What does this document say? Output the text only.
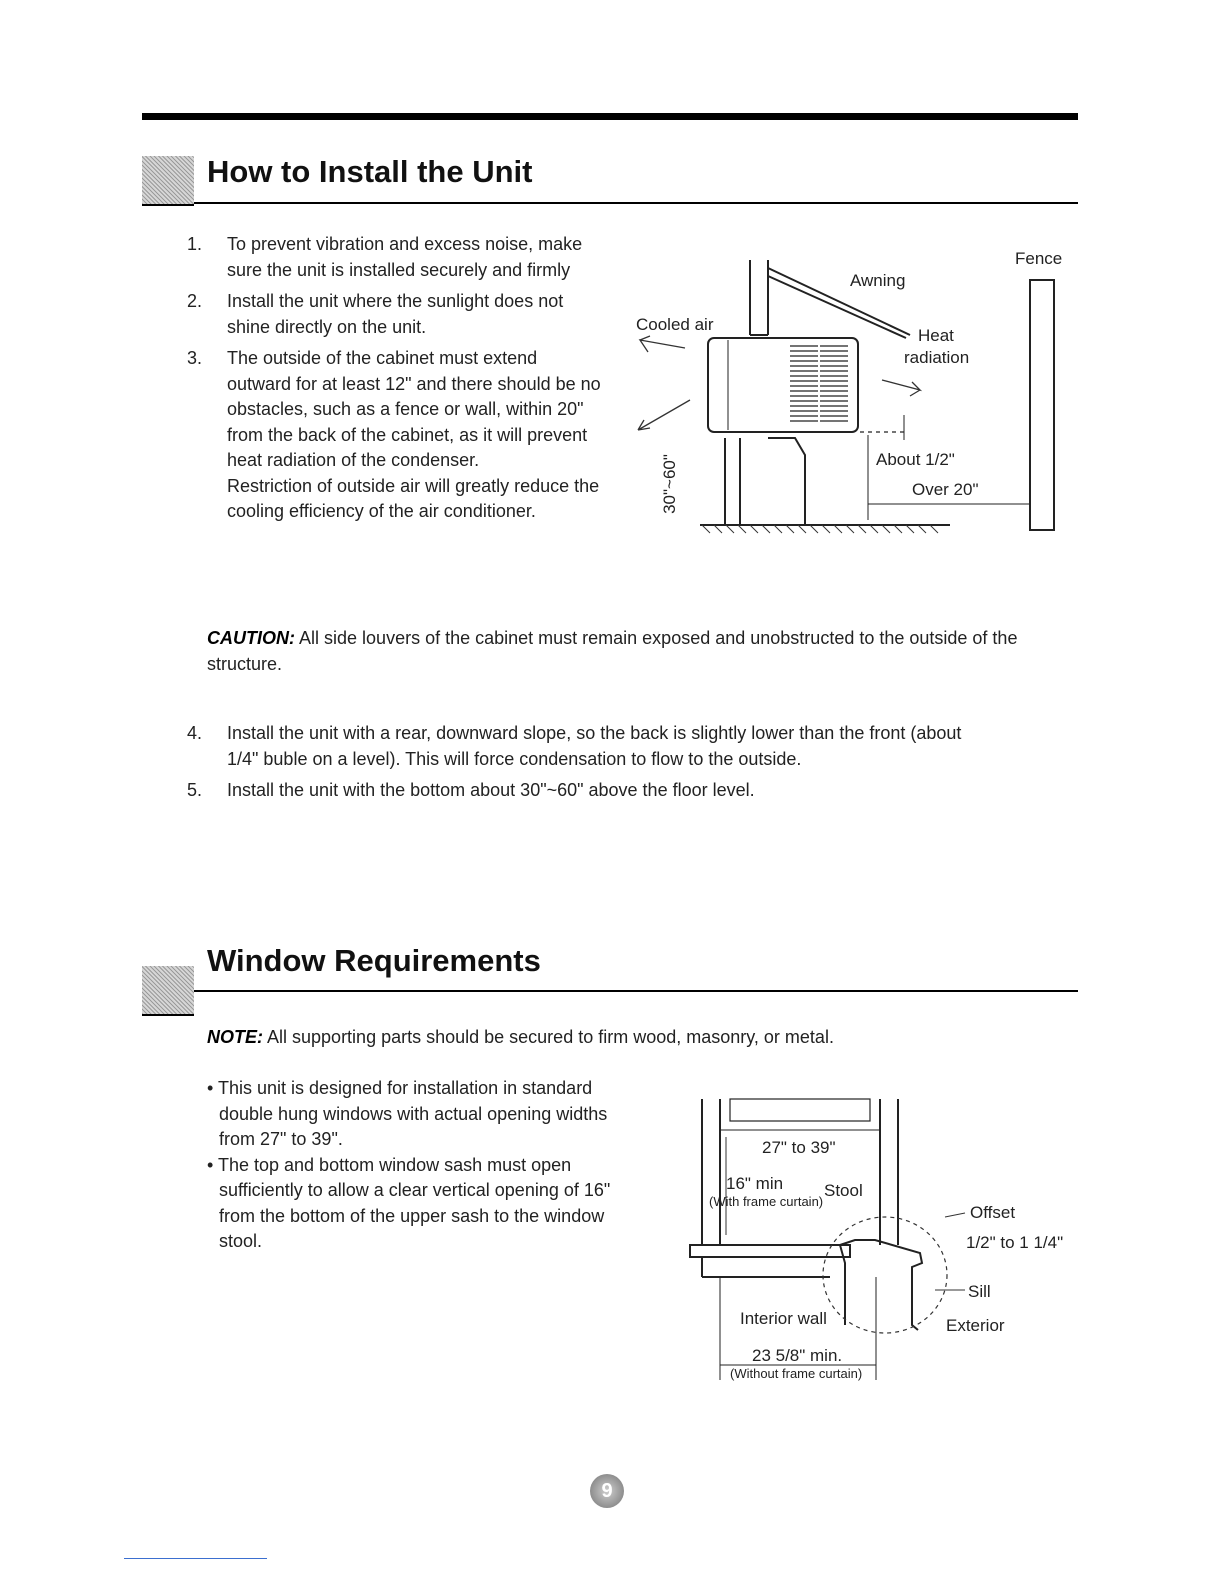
How to Install the Unit
1. To prevent vibration and excess noise, make sure the unit is installed securely and firmly
2. Install the unit where the sunlight does not shine directly on the unit.
3. The outside of the cabinet must extend outward for at least 12" and there should be no obstacles, such as a fence or wall, within 20" from the back of the cabinet, as it will prevent heat radiation of the condenser.
Restriction of outside air will greatly reduce the cooling efficiency of the air conditioner.
Fence
Awning
Cooled air
Heat
radiation
About 1/2"
Over 20"
30"~60"
CAUTION: All side louvers of the cabinet must remain exposed and unobstructed to the outside of the structure.
4. Install the unit with a rear, downward slope, so the back is slightly lower than the front (about 1/4" buble on a level). This will force condensation to flow to the outside.
5. Install the unit with the bottom about 30"~60" above the floor level.
Window Requirements
NOTE: All supporting parts should be secured to firm wood, masonry, or metal.
• This unit is designed for installation in standard double hung windows with actual opening widths from 27" to 39".
• The top and bottom window sash must open sufficiently to allow a clear vertical opening of 16" from the bottom of the upper sash to the window stool.
27" to 39"
16" min
(With frame curtain)
Stool
Offset
1/2" to 1 1/4"
Sill
Interior wall	Exterior
23 5/8" min.
(Without frame curtain)
9
